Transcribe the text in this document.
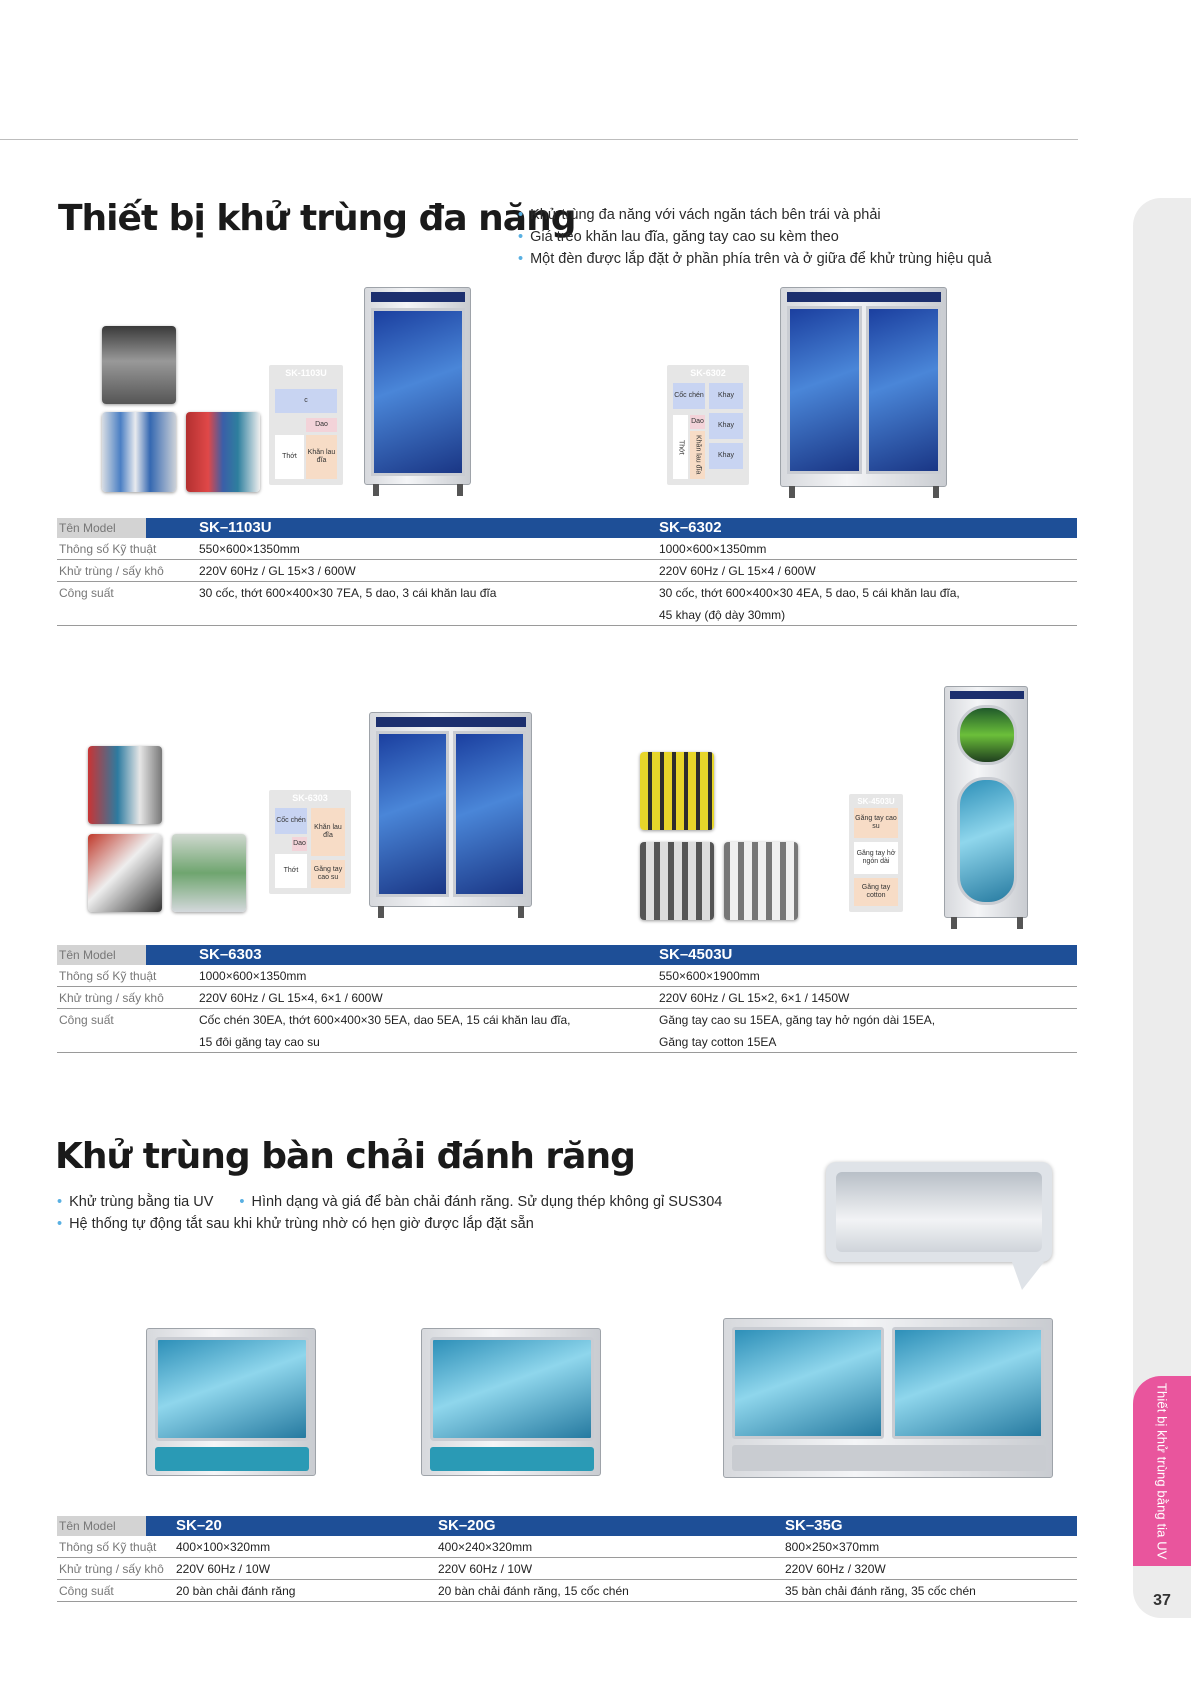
Thiết bị khử trùng bằng tia UV
37
Thiết bị khử trùng đa năng
• Khử trùng đa năng với vách ngăn tách bên trái và phải
• Giá treo khăn lau đĩa, găng tay cao su kèm theo
• Một đèn được lắp đặt ở phần phía trên và ở giữa để khử trùng hiệu quả
SK-1103U
c
Dao
Thớt
Khăn lau đĩa
SK-6302
Cốc chén	Khay
Dao
Khay
Thớt	Khăn lau đĩa	Khay
Tên Model	SK–1103U	SK–6302
Thông số Kỹ thuật	550×600×1350mm	1000×600×1350mm
Khử trùng / sấy khô	220V 60Hz / GL 15×3 / 600W	220V 60Hz / GL 15×4 / 600W
Công suất	30 cốc, thớt 600×400×30 7EA, 5 dao, 3 cái khăn lau đĩa	30 cốc, thớt 600×400×30 4EA, 5 dao, 5 cái khăn lau đĩa,
45 khay (độ dày 30mm)
SK-6303
Cốc chén
Khăn lau đĩa
Dao
Thớt	Găng tay cao su
SK-4503U
Găng tay cao su
Găng tay hở ngón dài
Găng tay cotton
Tên Model	SK–6303	SK–4503U
Thông số Kỹ thuật	1000×600×1350mm	550×600×1900mm
Khử trùng / sấy khô	220V 60Hz / GL 15×4, 6×1 / 600W	220V 60Hz / GL 15×2, 6×1 / 1450W
Công suất	Cốc chén 30EA, thớt 600×400×30 5EA, dao 5EA, 15 cái khăn lau đĩa,	Găng tay cao su 15EA, găng tay hở ngón dài 15EA,
15 đôi găng tay cao su	Găng tay cotton 15EA
Khử trùng bàn chải đánh răng
• Khử trùng bằng tia UV•	Hình dạng và giá để bàn chải đánh răng. Sử dụng thép không gỉ SUS304
• Hệ thống tự động tắt sau khi khử trùng nhờ có hẹn giờ được lắp đặt sẵn
Tên Model	SK–20	SK–20G	SK–35G
Thông số Kỹ thuật 400×100×320mm	400×240×320mm	800×250×370mm
Khử trùng / sấy khô 220V 60Hz / 10W	220V 60Hz / 10W	220V 60Hz / 320W
Công suất	20 bàn chải đánh răng	20 bàn chải đánh răng, 15 cốc chén	35 bàn chải đánh răng, 35 cốc chén
